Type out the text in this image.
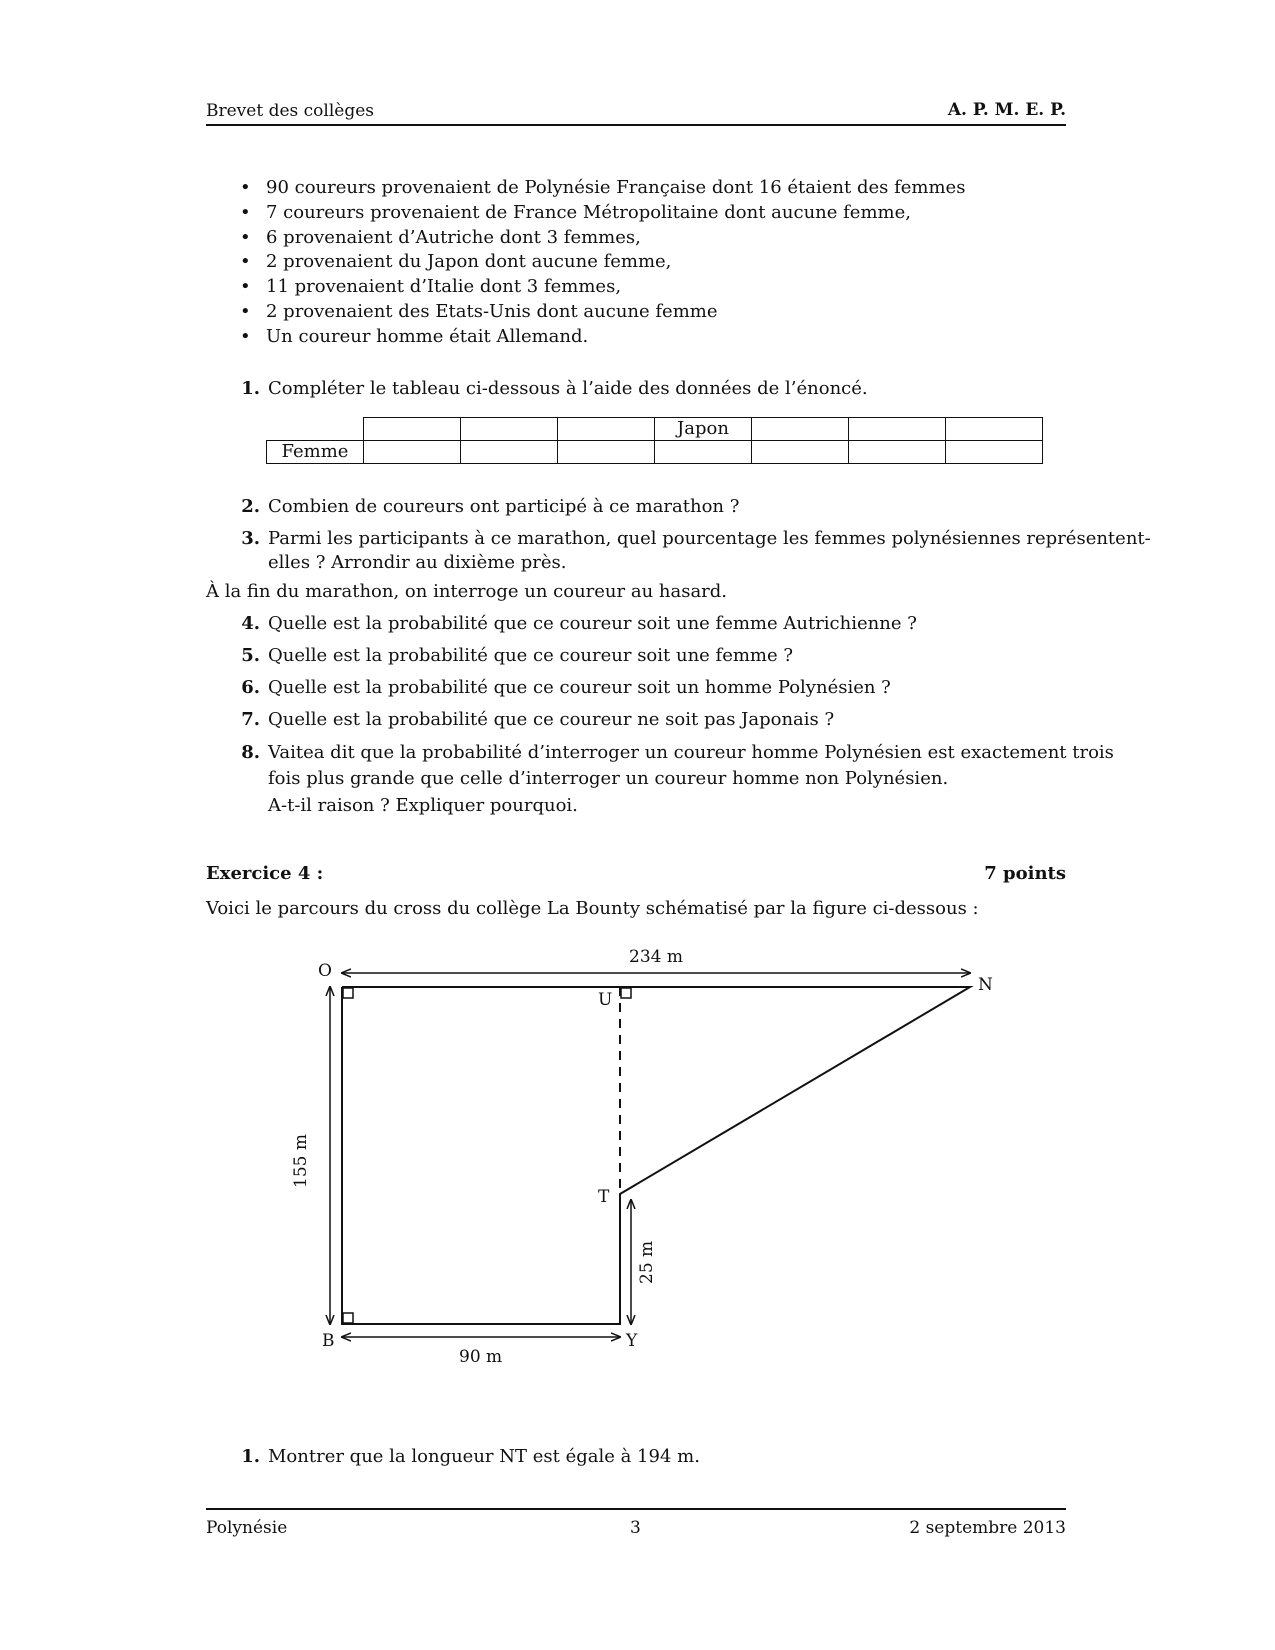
Brevet des collèges	A. P. M. E. P.
• 90 coureurs provenaient de Polynésie Française dont 16 étaient des femmes
• 7 coureurs provenaient de France Métropolitaine dont aucune femme,
• 6 provenaient d’Autriche dont 3 femmes,
• 2 provenaient du Japon dont aucune femme,
• 11 provenaient d’Italie dont 3 femmes,
• 2 provenaient des Etats-Unis dont aucune femme
• Un coureur homme était Allemand.
1. Compléter le tableau ci-dessous à l’aide des données de l’énoncé.
				Japon			
Femme							
2. Combien de coureurs ont participé à ce marathon ?
3. Parmi les participants à ce marathon, quel pourcentage les femmes polynésiennes représentent-
elles ? Arrondir au dixième près.
À la fin du marathon, on interroge un coureur au hasard.
4. Quelle est la probabilité que ce coureur soit une femme Autrichienne ?
5. Quelle est la probabilité que ce coureur soit une femme ?
6. Quelle est la probabilité que ce coureur soit un homme Polynésien ?
7. Quelle est la probabilité que ce coureur ne soit pas Japonais ?
8. Vaitea dit que la probabilité d’interroger un coureur homme Polynésien est exactement trois
fois plus grande que celle d’interroger un coureur homme non Polynésien.
A-t-il raison ? Expliquer pourquoi.
Exercice 4 :	7 points
Voici le parcours du cross du collège La Bounty schématisé par la figure ci-dessous :
O
N
U
T
B	Y
234 m
90 m
155 m
25 m
1. Montrer que la longueur NT est égale à 194 m.
Polynésie	3	2 septembre 2013
